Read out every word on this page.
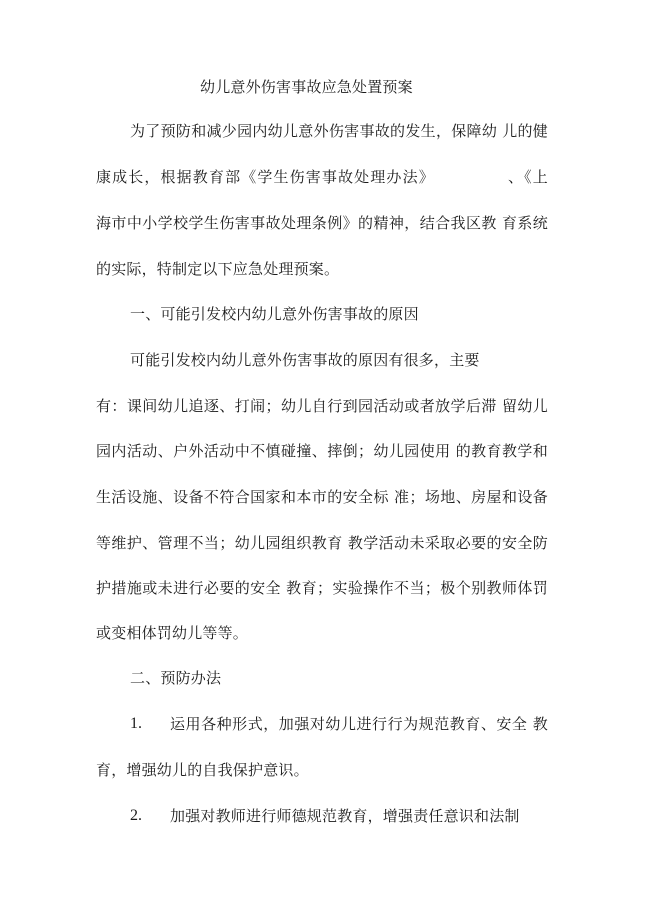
幼儿意外伤害事故应急处置预案
为了预防和减少园内幼儿意外伤害事故的发生，保障幼 儿的健
康成长，根据教育部《学生伤害事故处理办法》　　　　　、《上
海市中小学校学生伤害事故处理条例》的精神，结合我区教 育系统
的实际，特制定以下应急处理预案。
一、可能引发校内幼儿意外伤害事故的原因
可能引发校内幼儿意外伤害事故的原因有很多，主要
有：课间幼儿追逐、打闹；幼儿自行到园活动或者放学后滞 留幼儿
园内活动、户外活动中不慎碰撞、摔倒；幼儿园使用 的教育教学和
生活设施、设备不符合国家和本市的安全标 准；场地、房屋和设备
等维护、管理不当；幼儿园组织教育 教学活动未采取必要的安全防
护措施或未进行必要的安全 教育；实验操作不当；极个别教师体罚
或变相体罚幼儿等等。
二、预防办法
1. 运用各种形式，加强对幼儿进行行为规范教育、安全 教
育，增强幼儿的自我保护意识。
2. 加强对教师进行师德规范教育，增强责任意识和法制
